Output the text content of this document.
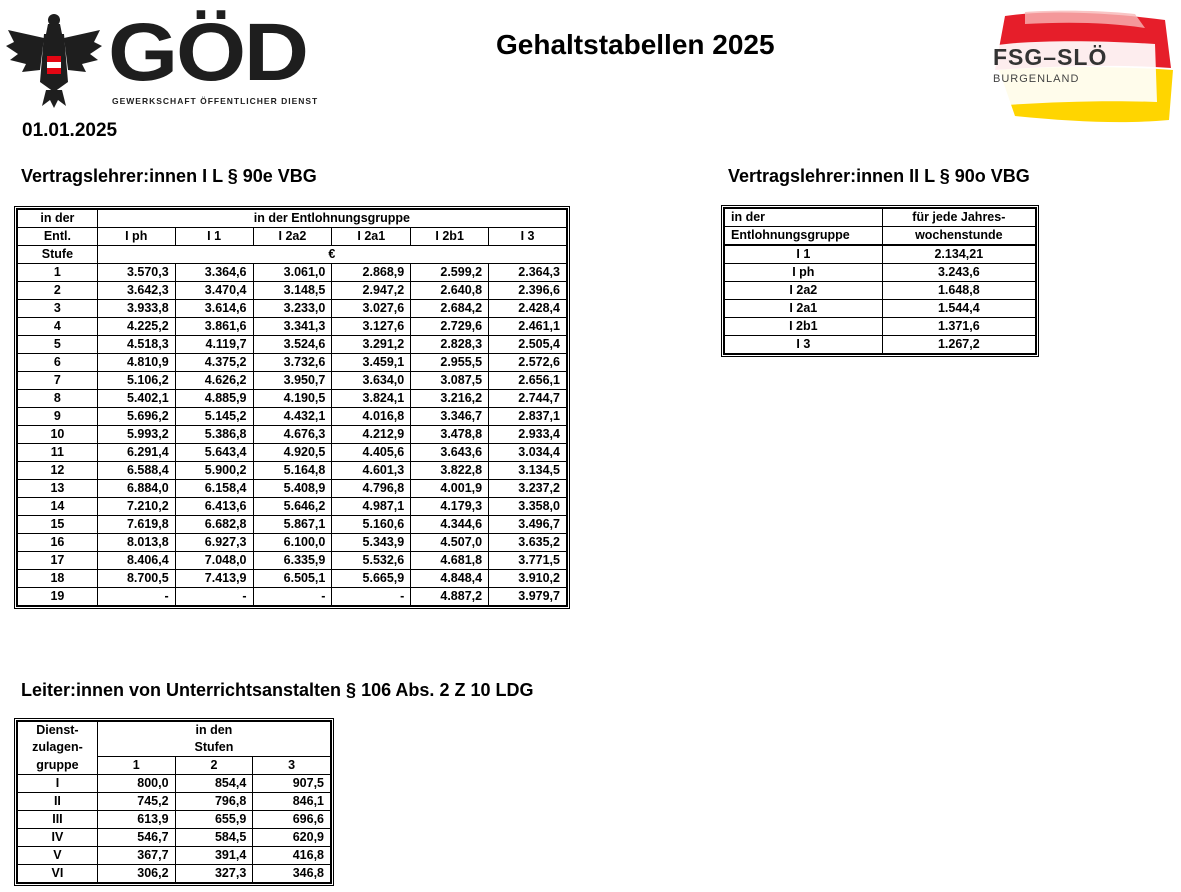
GÖD
GEWERKSCHAFT ÖFFENTLICHER DIENST
Gehaltstabellen 2025
01.01.2025
FSG–SLÖ
BURGENLAND
Vertragslehrer:innen I L § 90e VBG
in der	in der Entlohnungsgruppe					
Entl.	I ph	I 1	I 2a2	I 2a1	I 2b1	I 3
Stufe	€					
1	3.570,3	3.364,6	3.061,0	2.868,9	2.599,2	2.364,3
2	3.642,3	3.470,4	3.148,5	2.947,2	2.640,8	2.396,6
3	3.933,8	3.614,6	3.233,0	3.027,6	2.684,2	2.428,4
4	4.225,2	3.861,6	3.341,3	3.127,6	2.729,6	2.461,1
5	4.518,3	4.119,7	3.524,6	3.291,2	2.828,3	2.505,4
6	4.810,9	4.375,2	3.732,6	3.459,1	2.955,5	2.572,6
7	5.106,2	4.626,2	3.950,7	3.634,0	3.087,5	2.656,1
8	5.402,1	4.885,9	4.190,5	3.824,1	3.216,2	2.744,7
9	5.696,2	5.145,2	4.432,1	4.016,8	3.346,7	2.837,1
10	5.993,2	5.386,8	4.676,3	4.212,9	3.478,8	2.933,4
11	6.291,4	5.643,4	4.920,5	4.405,6	3.643,6	3.034,4
12	6.588,4	5.900,2	5.164,8	4.601,3	3.822,8	3.134,5
13	6.884,0	6.158,4	5.408,9	4.796,8	4.001,9	3.237,2
14	7.210,2	6.413,6	5.646,2	4.987,1	4.179,3	3.358,0
15	7.619,8	6.682,8	5.867,1	5.160,6	4.344,6	3.496,7
16	8.013,8	6.927,3	6.100,0	5.343,9	4.507,0	3.635,2
17	8.406,4	7.048,0	6.335,9	5.532,6	4.681,8	3.771,5
18	8.700,5	7.413,9	6.505,1	5.665,9	4.848,4	3.910,2
19	-	-	-	-	4.887,2	3.979,7
Vertragslehrer:innen II L § 90o VBG
in der	für jede Jahres-
Entlohnungsgruppe	wochenstunde
I 1	2.134,21
I ph	3.243,6
I 2a2	1.648,8
I 2a1	1.544,4
I 2b1	1.371,6
I 3	1.267,2
Leiter:innen von Unterrichtsanstalten § 106 Abs. 2 Z 10 LDG
Dienst-	in den		
zulagen-	Stufen		
gruppe	1	2	3
I	800,0	854,4	907,5
II	745,2	796,8	846,1
III	613,9	655,9	696,6
IV	546,7	584,5	620,9
V	367,7	391,4	416,8
VI	306,2	327,3	346,8
